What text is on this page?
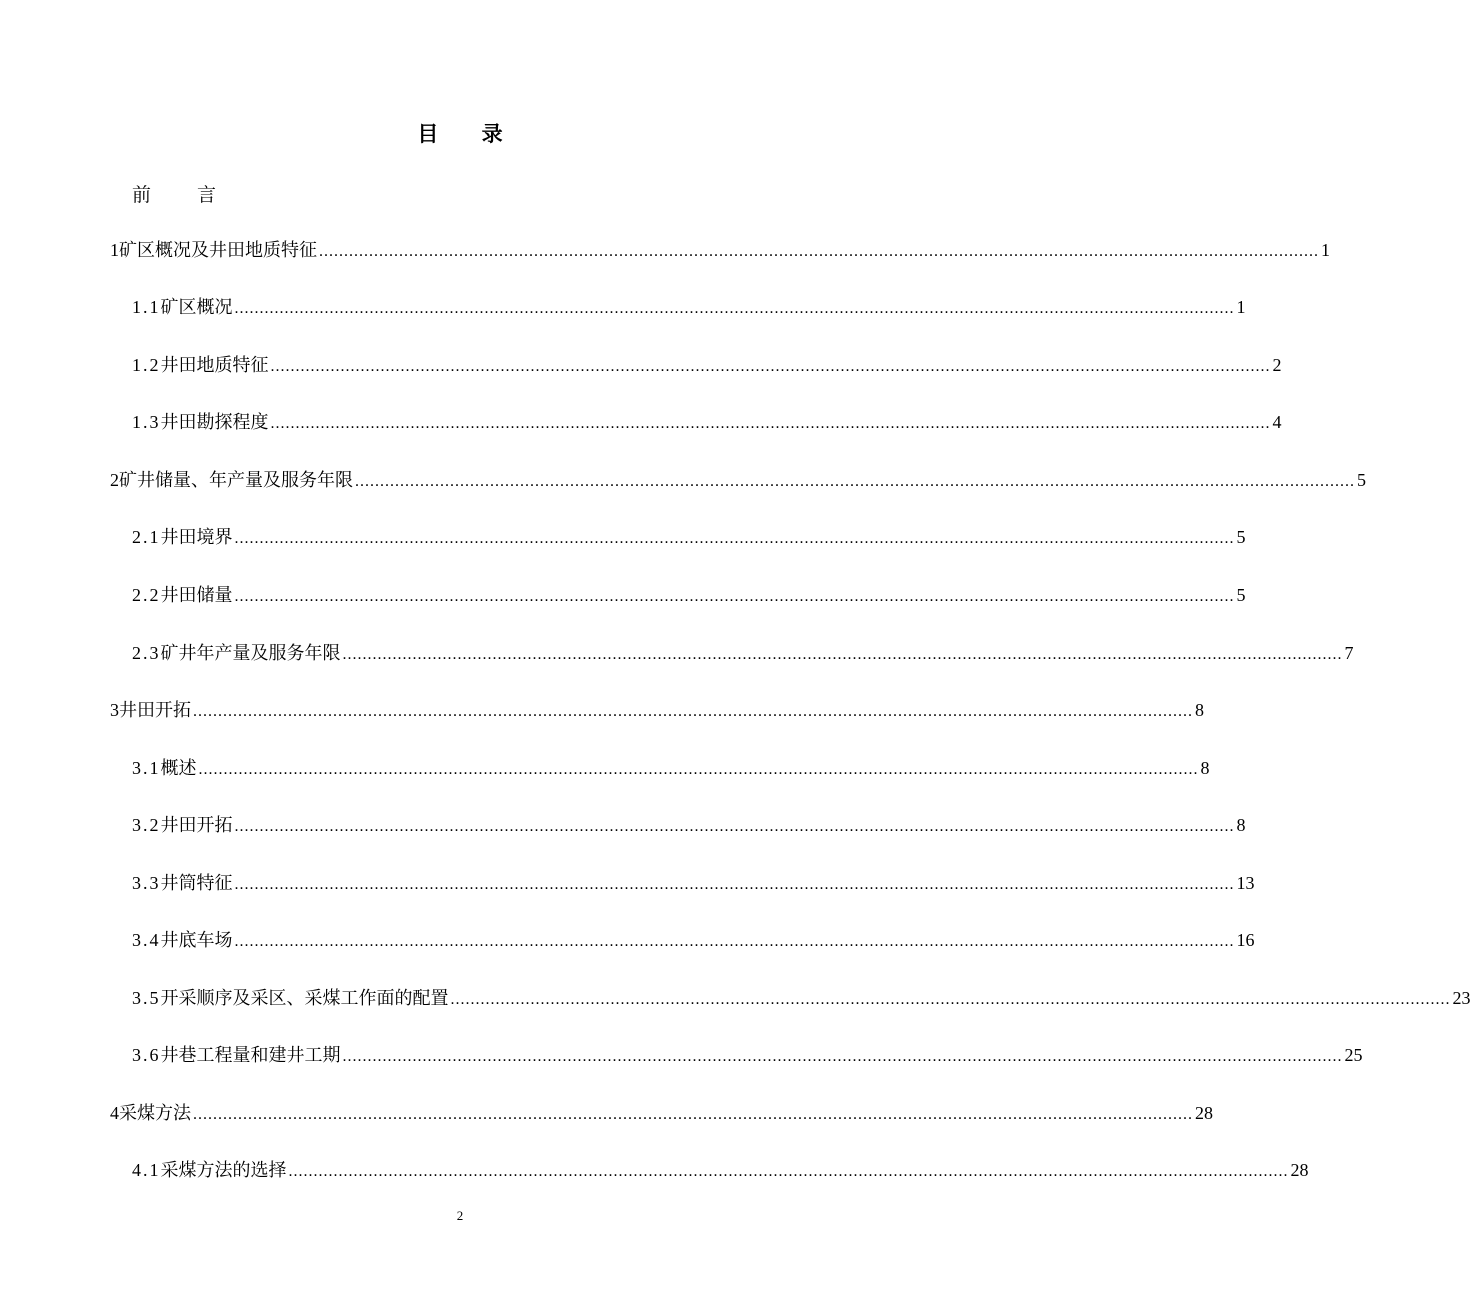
目 录
前 言
1 矿区概况及井田地质特征 ........................................................................................................................................................................................................ 1
1.1 矿区概况 ........................................................................................................................................................................................................ 1
1.2 井田地质特征 ........................................................................................................................................................................................................ 2
1.3 井田勘探程度 ........................................................................................................................................................................................................ 4
2 矿井储量、年产量及服务年限 ........................................................................................................................................................................................................ 5
2.1 井田境界 ........................................................................................................................................................................................................ 5
2.2 井田储量 ........................................................................................................................................................................................................ 5
2.3 矿井年产量及服务年限 ........................................................................................................................................................................................................ 7
3 井田开拓 ........................................................................................................................................................................................................ 8
3.1 概述 ........................................................................................................................................................................................................ 8
3.2 井田开拓 ........................................................................................................................................................................................................ 8
3.3 井筒特征 ........................................................................................................................................................................................................ 13
3.4 井底车场 ........................................................................................................................................................................................................ 16
3.5 开采顺序及采区、采煤工作面的配置 ........................................................................................................................................................................................................ 23
3.6 井巷工程量和建井工期 ........................................................................................................................................................................................................ 25
4 采煤方法 ........................................................................................................................................................................................................ 28
4.1 采煤方法的选择 ........................................................................................................................................................................................................ 28
2
